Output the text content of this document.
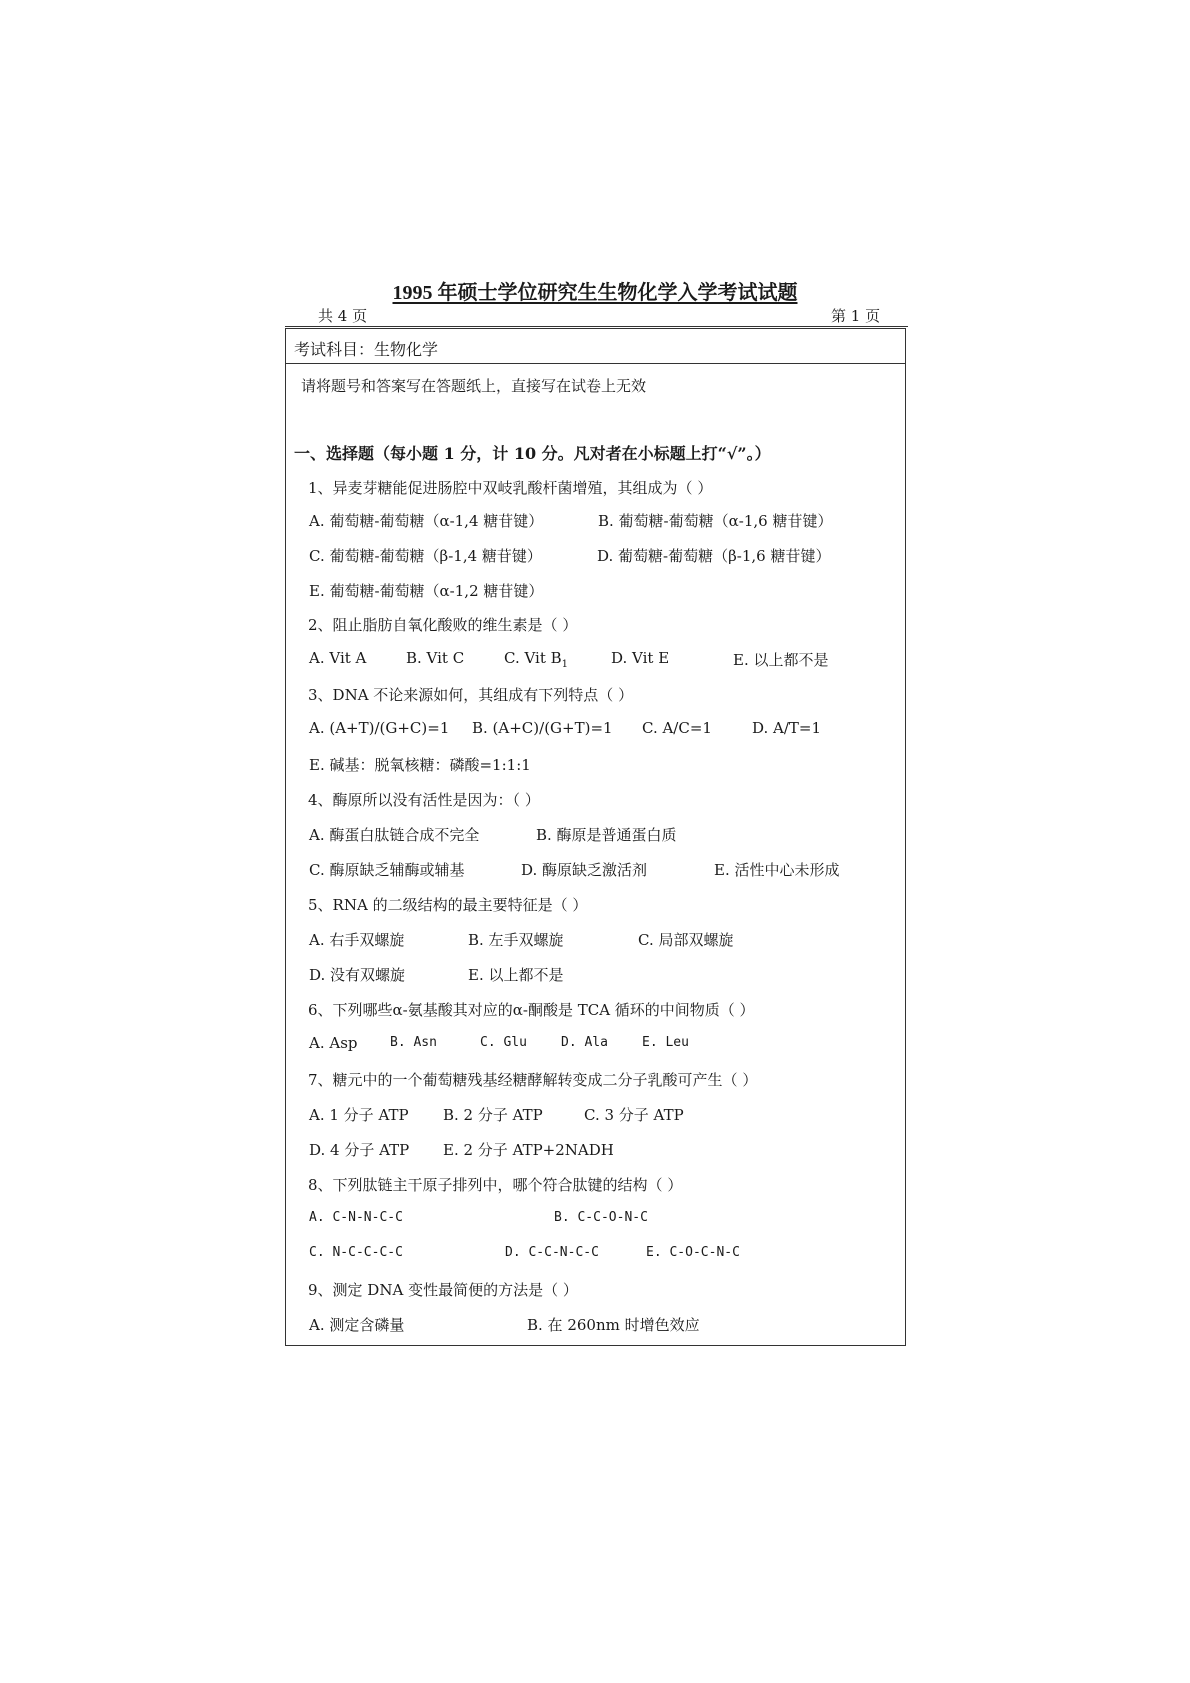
1995 年硕士学位研究生生物化学入学考试试题
共 4 页	第 1 页
考试科目：生物化学
请将题号和答案写在答题纸上，直接写在试卷上无效
一、选择题（每小题 1 分，计 10 分。凡对者在小标题上打“√”。）
1、异麦芽糖能促进肠腔中双岐乳酸杆菌增殖，其组成为（ ）
A. 葡萄糖-葡萄糖（α-1,4 糖苷键）	B. 葡萄糖-葡萄糖（α-1,6 糖苷键）
C. 葡萄糖-葡萄糖（β-1,4 糖苷键）	D. 葡萄糖-葡萄糖（β-1,6 糖苷键）
E. 葡萄糖-葡萄糖（α-1,2 糖苷键）
2、阻止脂肪自氧化酸败的维生素是（ ）
A. Vit A	B. Vit C	C. Vit $B_1$	D. Vit E	E. 以上都不是
3、DNA 不论来源如何，其组成有下列特点（ ）
A. (A+T)/(G+C)=1 B. (A+C)/(G+T)=1 C. A/C=1	D. A/T=1
E. 碱基：脱氧核糖：磷酸=1:1:1
4、酶原所以没有活性是因为：（ ）
A. 酶蛋白肽链合成不完全	B. 酶原是普通蛋白质
C. 酶原缺乏辅酶或辅基	D. 酶原缺乏激活剂	E. 活性中心未形成
5、RNA 的二级结构的最主要特征是（ ）
A. 右手双螺旋	B. 左手双螺旋	C. 局部双螺旋
D. 没有双螺旋	E. 以上都不是
6、下列哪些α-氨基酸其对应的α-酮酸是 TCA 循环的中间物质（ ）
A. Asp B. Asn	C. Glu	D. Ala	E. Leu
7、糖元中的一个葡萄糖残基经糖酵解转变成二分子乳酸可产生（ ）
A. 1 分子 ATP B. 2 分子 ATP	C. 3 分子 ATP
D. 4 分子 ATP E. 2 分子 ATP+2NADH
8、下列肽链主干原子排列中，哪个符合肽键的结构（ ）
A. C-N-N-C-C	B. C-C-O-N-C
C. N-C-C-C-C	D. C-C-N-C-C	E. C-O-C-N-C
9、测定 DNA 变性最简便的方法是（ ）
A. 测定含磷量	B. 在 260nm 时增色效应
